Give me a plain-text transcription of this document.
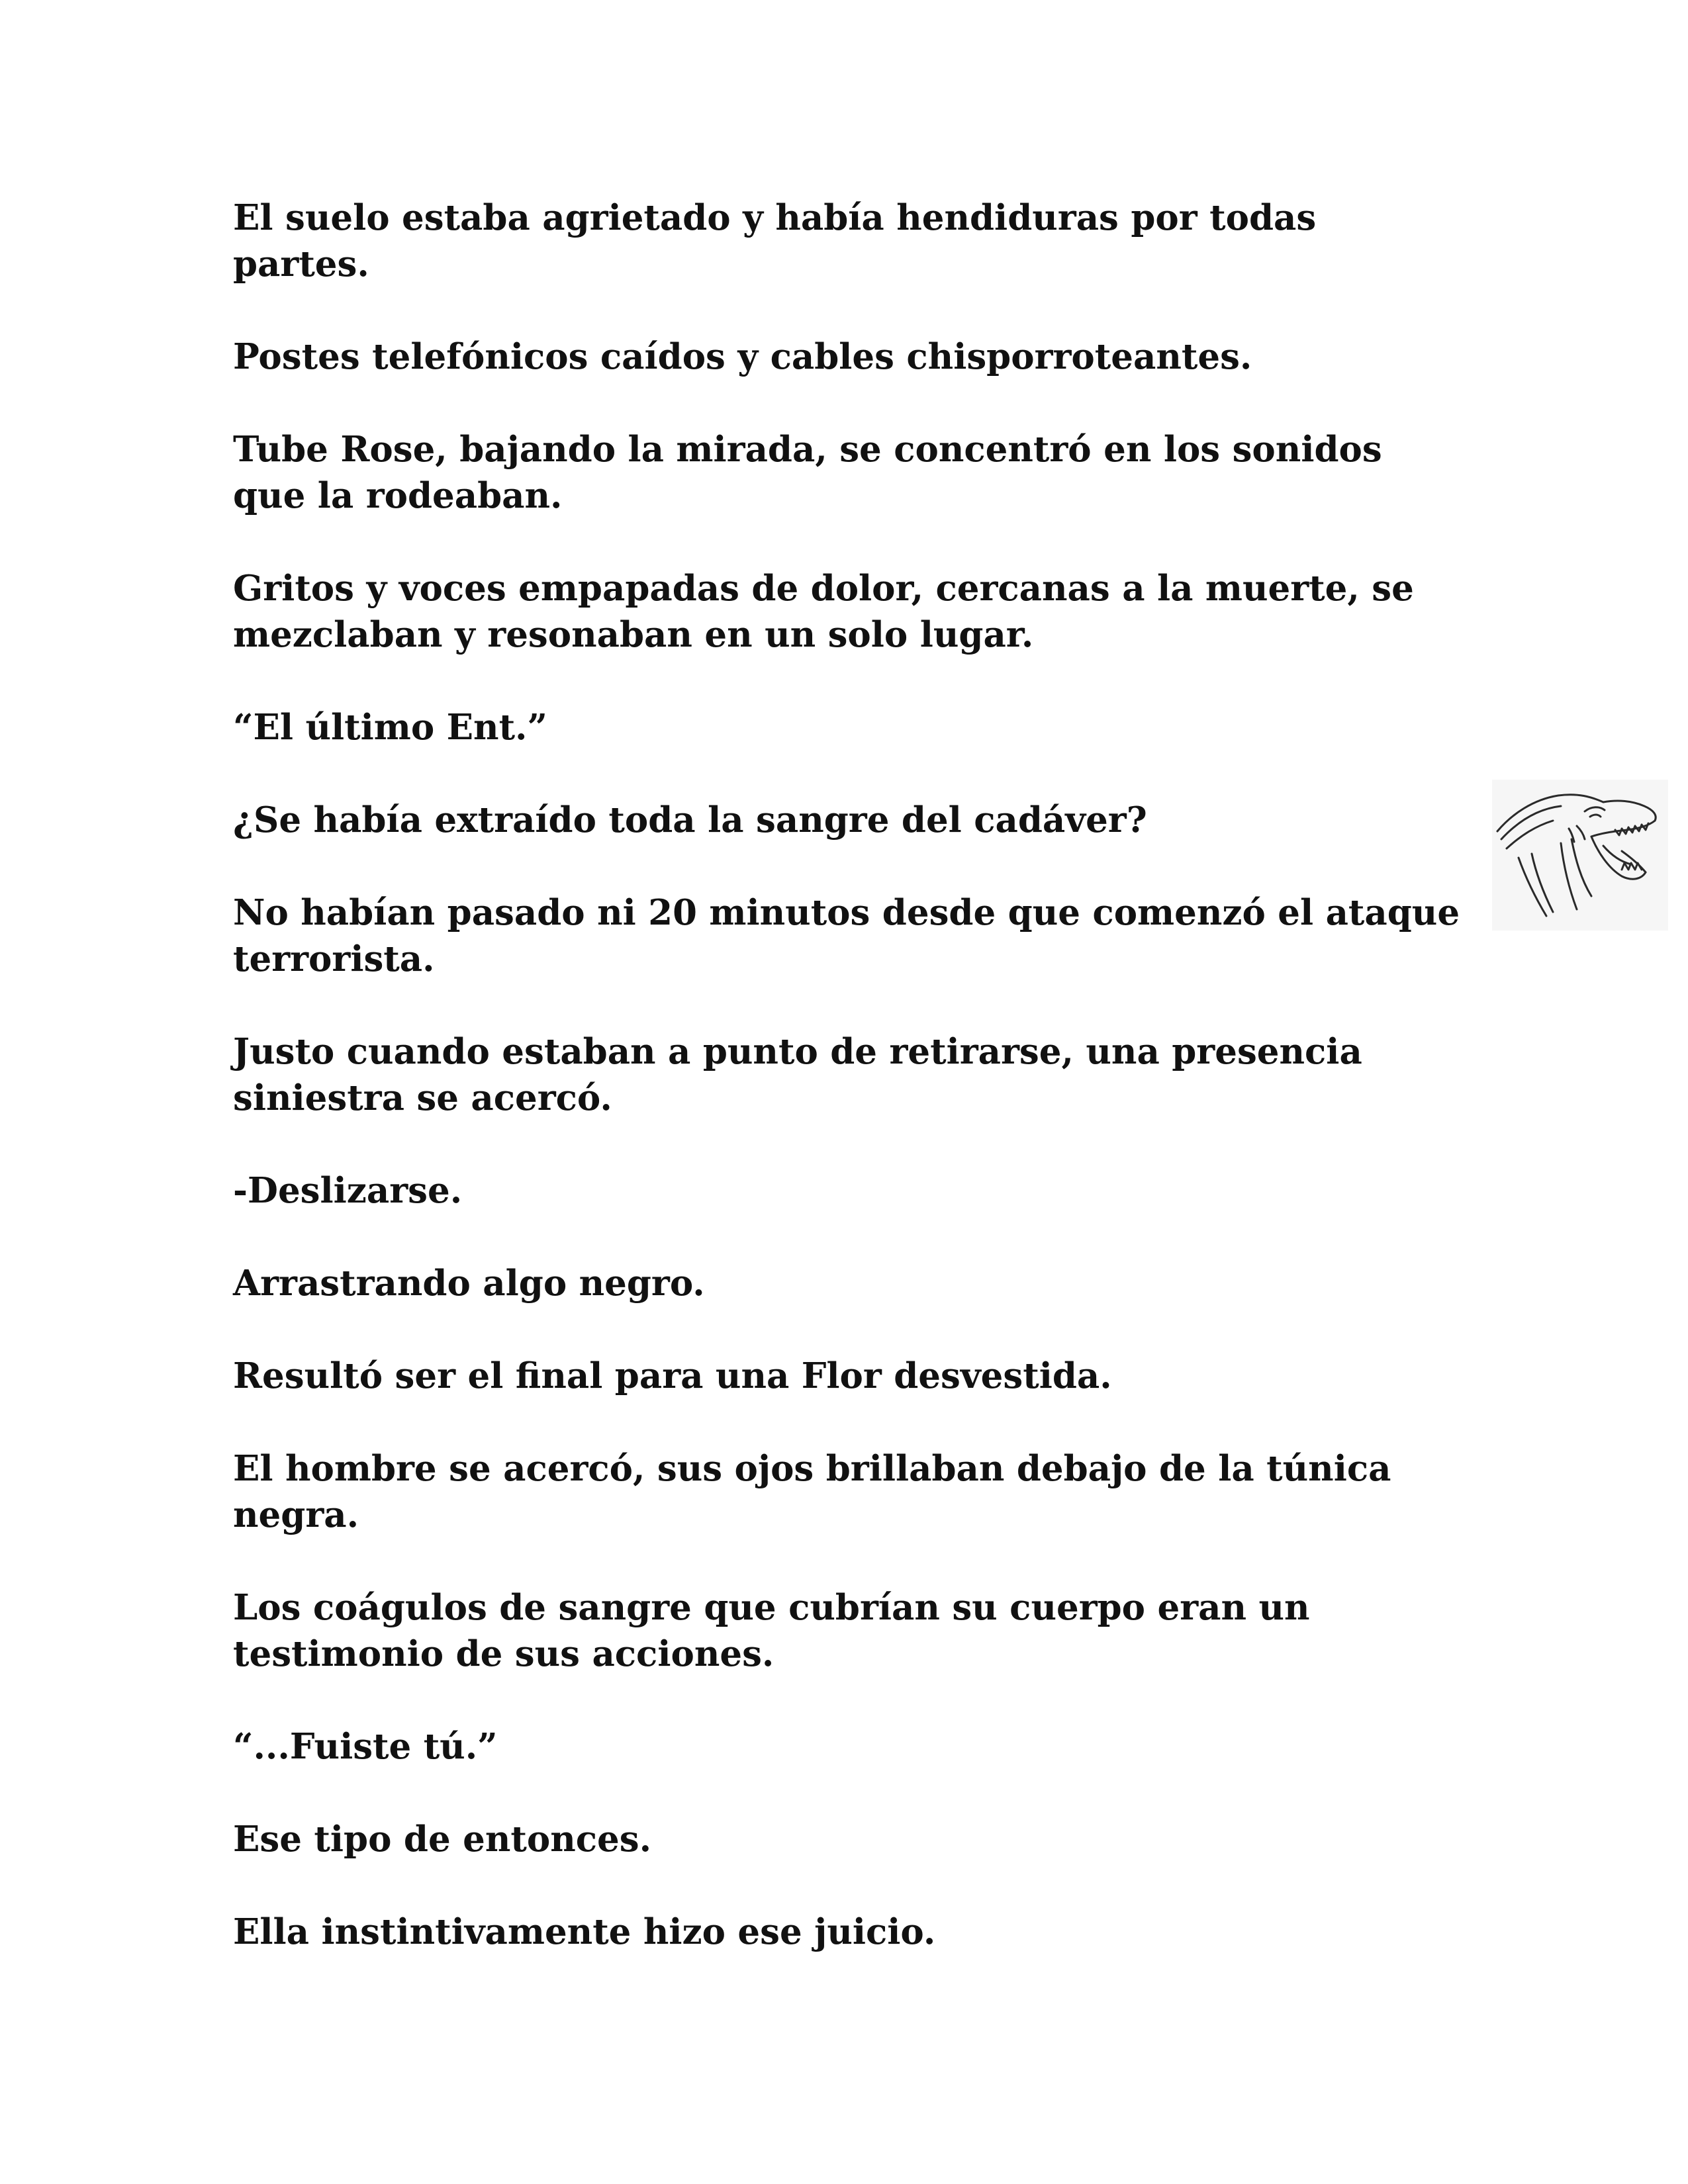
El suelo estaba agrietado y había hendiduras por todas
partes.

Postes telefónicos caídos y cables chisporroteantes.

Tube Rose, bajando la mirada, se concentró en los sonidos
que la rodeaban.

Gritos y voces empapadas de dolor, cercanas a la muerte, se
mezclaban y resonaban en un solo lugar.

“El último Ent.”

¿Se había extraído toda la sangre del cadáver?

No habían pasado ni 20 minutos desde que comenzó el ataque
terrorista.

Justo cuando estaban a punto de retirarse, una presencia
siniestra se acercó.

-Deslizarse.

Arrastrando algo negro.

Resultó ser el final para una Flor desvestida.

El hombre se acercó, sus ojos brillaban debajo de la túnica
negra.

Los coágulos de sangre que cubrían su cuerpo eran un
testimonio de sus acciones.

“...Fuiste tú.”

Ese tipo de entonces.

Ella instintivamente hizo ese juicio.
